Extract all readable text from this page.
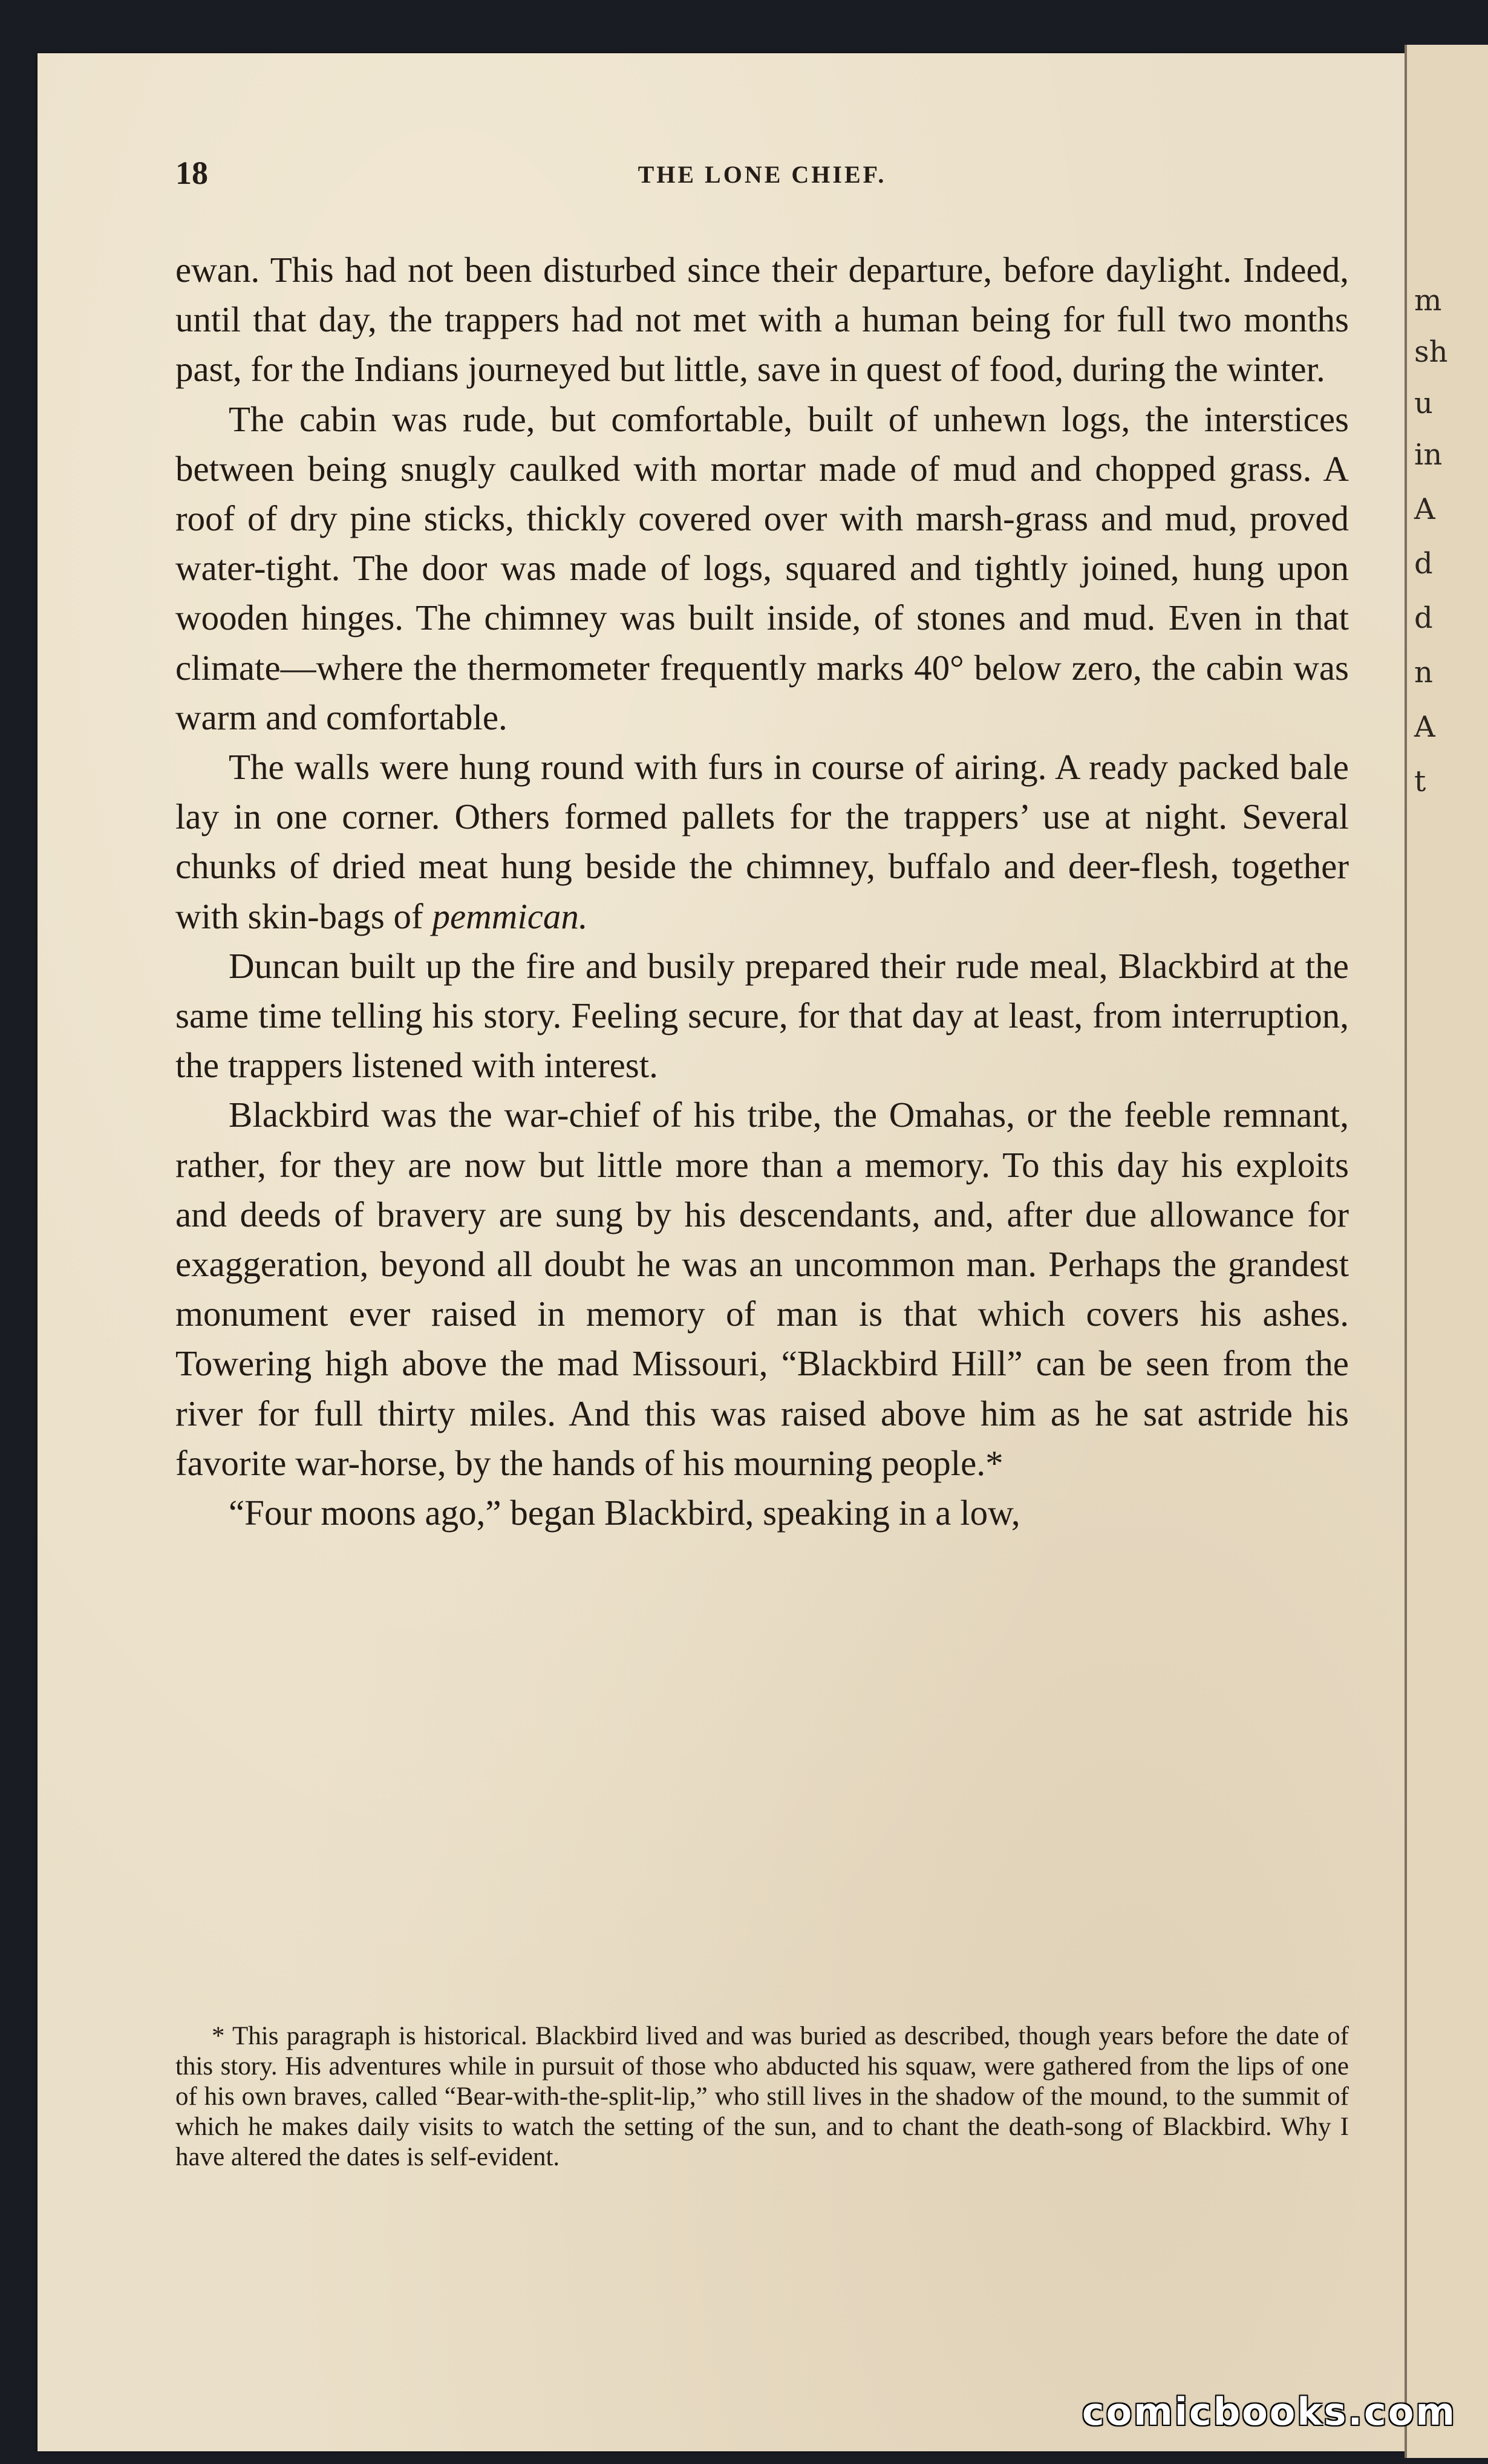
m
sh
u
in
A
d
d
n
A
t
18	THE LONE CHIEF.

ewan. This had not been disturbed since their departure, before daylight. Indeed, until that day, the trappers had not met with a human being for full two months past, for the Indians journeyed but little, save in quest of food, during the winter.

The cabin was rude, but comfortable, built of unhewn logs, the interstices between being snugly caulked with mortar made of mud and chopped grass. A roof of dry pine sticks, thickly covered over with marsh-grass and mud, proved water-tight. The door was made of logs, squared and tightly joined, hung upon wooden hinges. The chimney was built inside, of stones and mud. Even in that climate—where the thermometer frequently marks 40° below zero, the cabin was warm and comfortable.

The walls were hung round with furs in course of airing. A ready packed bale lay in one corner. Others formed pallets for the trappers’ use at night. Several chunks of dried meat hung beside the chimney, buffalo and deer-flesh, together with skin-bags of pemmican.

Duncan built up the fire and busily prepared their rude meal, Blackbird at the same time telling his story. Feeling secure, for that day at least, from interruption, the trappers listened with interest.

Blackbird was the war-chief of his tribe, the Omahas, or the feeble remnant, rather, for they are now but little more than a memory. To this day his exploits and deeds of bravery are sung by his descendants, and, after due allowance for exaggeration, beyond all doubt he was an uncommon man. Perhaps the grandest monument ever raised in memory of man is that which covers his ashes. Towering high above the mad Missouri, “Blackbird Hill” can be seen from the river for full thirty miles. And this was raised above him as he sat astride his favorite war-horse, by the hands of his mourning people.*

“Four moons ago,” began Blackbird, speaking in a low,

* This paragraph is historical. Blackbird lived and was buried as described, though years before the date of this story. His adventures while in pursuit of those who abducted his squaw, were gathered from the lips of one of his own braves, called “Bear-with-the-split-lip,” who still lives in the shadow of the mound, to the summit of which he makes daily visits to watch the setting of the sun, and to chant the death-song of Blackbird. Why I have altered the dates is self-evident.
comicbooks.com
